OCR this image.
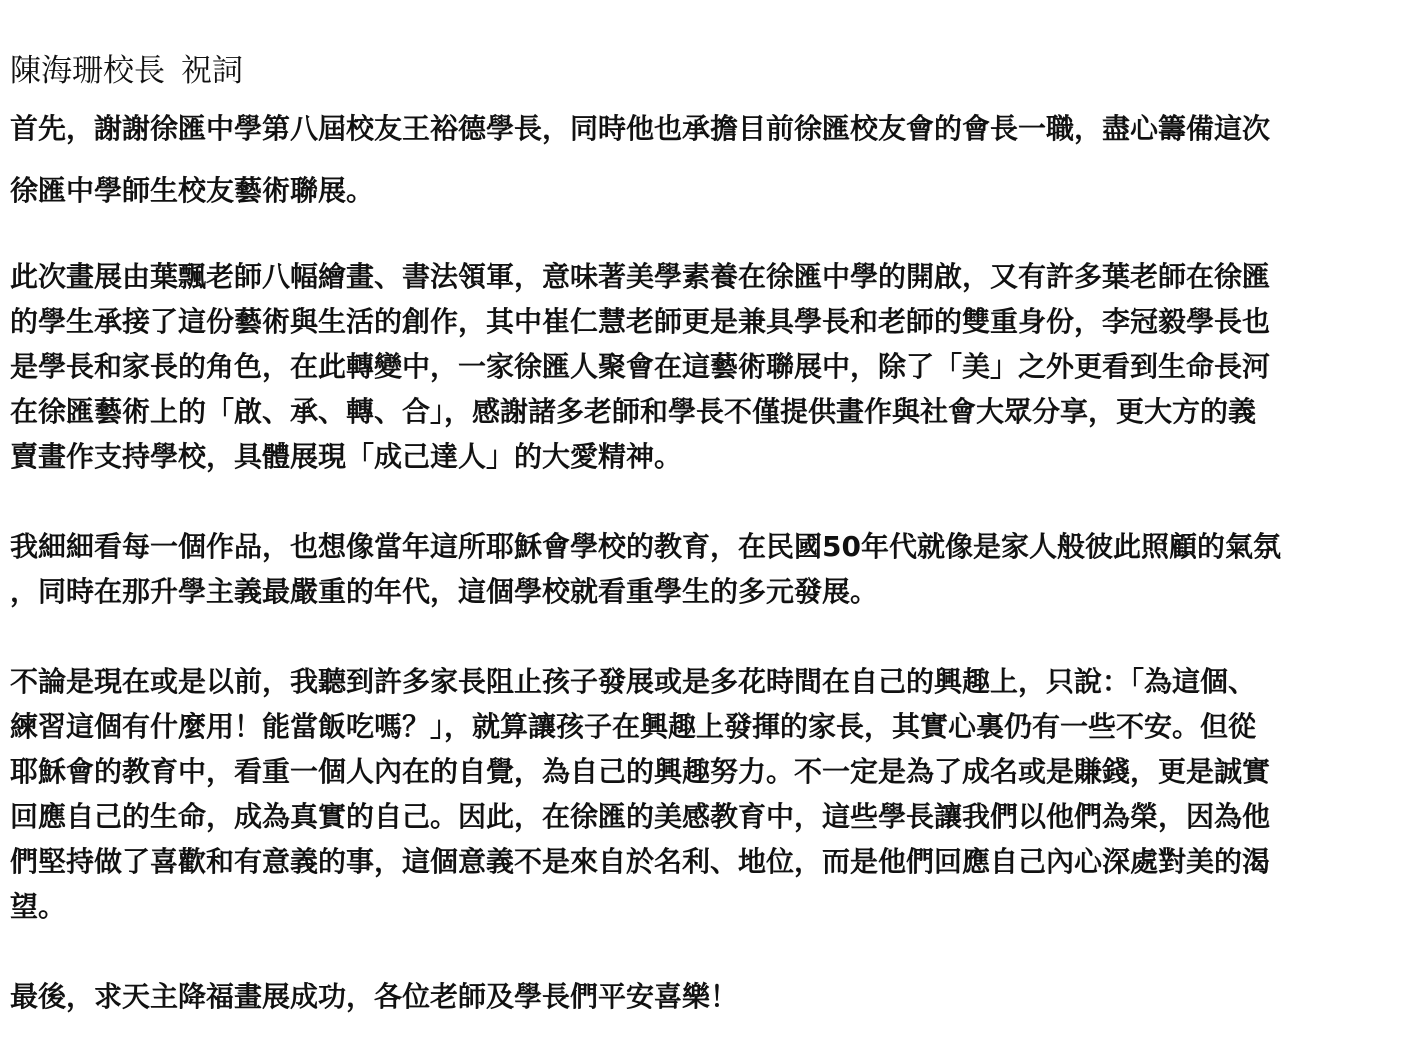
陳海珊校長 祝詞

首先，謝謝徐匯中學第八屆校友王裕德學長，同時他也承擔目前徐匯校友會的會長一職，盡心籌備這次
徐匯中學師生校友藝術聯展。

此次畫展由葉飄老師八幅繪畫、書法領軍，意味著美學素養在徐匯中學的開啟，又有許多葉老師在徐匯
的學生承接了這份藝術與生活的創作，其中崔仁慧老師更是兼具學長和老師的雙重身份，李冠毅學長也
是學長和家長的角色，在此轉變中，一家徐匯人聚會在這藝術聯展中，除了「美」之外更看到生命長河
在徐匯藝術上的「啟、承、轉、合」，感謝諸多老師和學長不僅提供畫作與社會大眾分享，更大方的義
賣畫作支持學校，具體展現「成己達人」的大愛精神。

我細細看每一個作品，也想像當年這所耶穌會學校的教育，在民國50年代就像是家人般彼此照顧的氣氛
，同時在那升學主義最嚴重的年代，這個學校就看重學生的多元發展。

不論是現在或是以前，我聽到許多家長阻止孩子發展或是多花時間在自己的興趣上，只說：「為這個、
練習這個有什麼用！能當飯吃嗎？」，就算讓孩子在興趣上發揮的家長，其實心裏仍有一些不安。但從
耶穌會的教育中，看重一個人內在的自覺，為自己的興趣努力。不一定是為了成名或是賺錢，更是誠實
回應自己的生命，成為真實的自己。因此，在徐匯的美感教育中，這些學長讓我們以他們為榮，因為他
們堅持做了喜歡和有意義的事，這個意義不是來自於名利、地位，而是他們回應自己內心深處對美的渴
望。

最後，求天主降福畫展成功，各位老師及學長們平安喜樂！
